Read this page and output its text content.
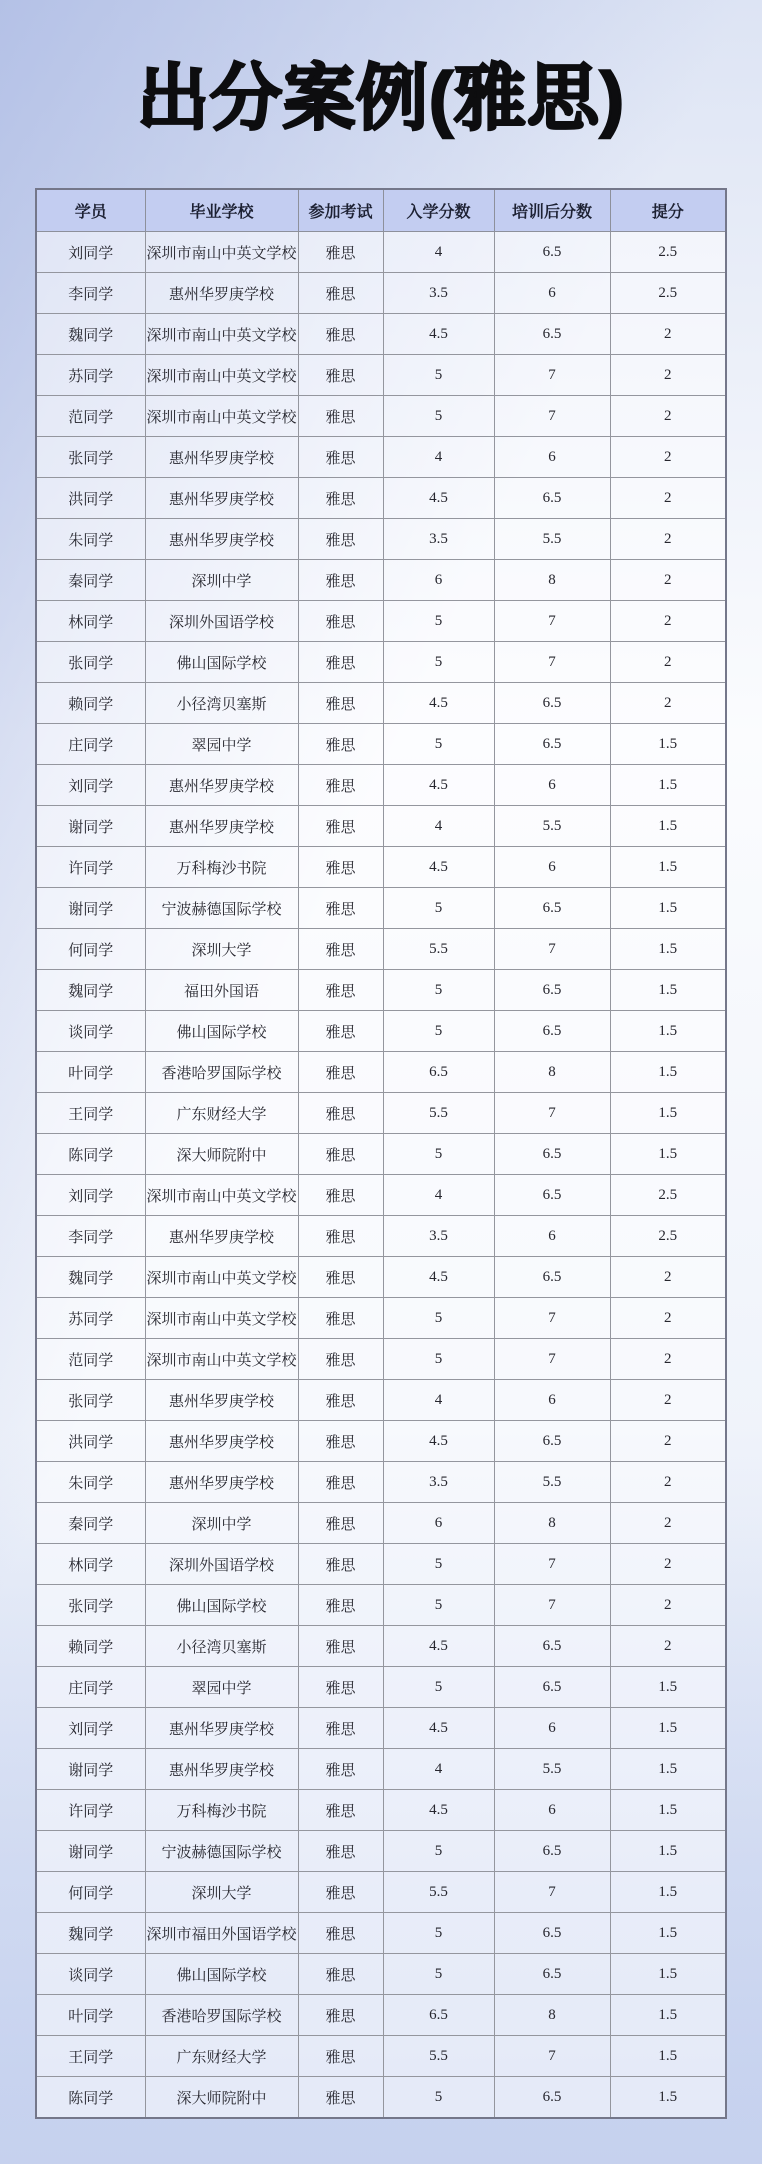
出分案例(雅思)
学员	毕业学校	参加考试	入学分数	培训后分数	提分
刘同学	深圳市南山中英文学校	雅思	4	6.5	2.5
李同学	惠州华罗庚学校	雅思	3.5	6	2.5
魏同学	深圳市南山中英文学校	雅思	4.5	6.5	2
苏同学	深圳市南山中英文学校	雅思	5	7	2
范同学	深圳市南山中英文学校	雅思	5	7	2
张同学	惠州华罗庚学校	雅思	4	6	2
洪同学	惠州华罗庚学校	雅思	4.5	6.5	2
朱同学	惠州华罗庚学校	雅思	3.5	5.5	2
秦同学	深圳中学	雅思	6	8	2
林同学	深圳外国语学校	雅思	5	7	2
张同学	佛山国际学校	雅思	5	7	2
赖同学	小径湾贝塞斯	雅思	4.5	6.5	2
庄同学	翠园中学	雅思	5	6.5	1.5
刘同学	惠州华罗庚学校	雅思	4.5	6	1.5
谢同学	惠州华罗庚学校	雅思	4	5.5	1.5
许同学	万科梅沙书院	雅思	4.5	6	1.5
谢同学	宁波赫德国际学校	雅思	5	6.5	1.5
何同学	深圳大学	雅思	5.5	7	1.5
魏同学	福田外国语	雅思	5	6.5	1.5
谈同学	佛山国际学校	雅思	5	6.5	1.5
叶同学	香港哈罗国际学校	雅思	6.5	8	1.5
王同学	广东财经大学	雅思	5.5	7	1.5
陈同学	深大师院附中	雅思	5	6.5	1.5
刘同学	深圳市南山中英文学校	雅思	4	6.5	2.5
李同学	惠州华罗庚学校	雅思	3.5	6	2.5
魏同学	深圳市南山中英文学校	雅思	4.5	6.5	2
苏同学	深圳市南山中英文学校	雅思	5	7	2
范同学	深圳市南山中英文学校	雅思	5	7	2
张同学	惠州华罗庚学校	雅思	4	6	2
洪同学	惠州华罗庚学校	雅思	4.5	6.5	2
朱同学	惠州华罗庚学校	雅思	3.5	5.5	2
秦同学	深圳中学	雅思	6	8	2
林同学	深圳外国语学校	雅思	5	7	2
张同学	佛山国际学校	雅思	5	7	2
赖同学	小径湾贝塞斯	雅思	4.5	6.5	2
庄同学	翠园中学	雅思	5	6.5	1.5
刘同学	惠州华罗庚学校	雅思	4.5	6	1.5
谢同学	惠州华罗庚学校	雅思	4	5.5	1.5
许同学	万科梅沙书院	雅思	4.5	6	1.5
谢同学	宁波赫德国际学校	雅思	5	6.5	1.5
何同学	深圳大学	雅思	5.5	7	1.5
魏同学	深圳市福田外国语学校	雅思	5	6.5	1.5
谈同学	佛山国际学校	雅思	5	6.5	1.5
叶同学	香港哈罗国际学校	雅思	6.5	8	1.5
王同学	广东财经大学	雅思	5.5	7	1.5
陈同学	深大师院附中	雅思	5	6.5	1.5
